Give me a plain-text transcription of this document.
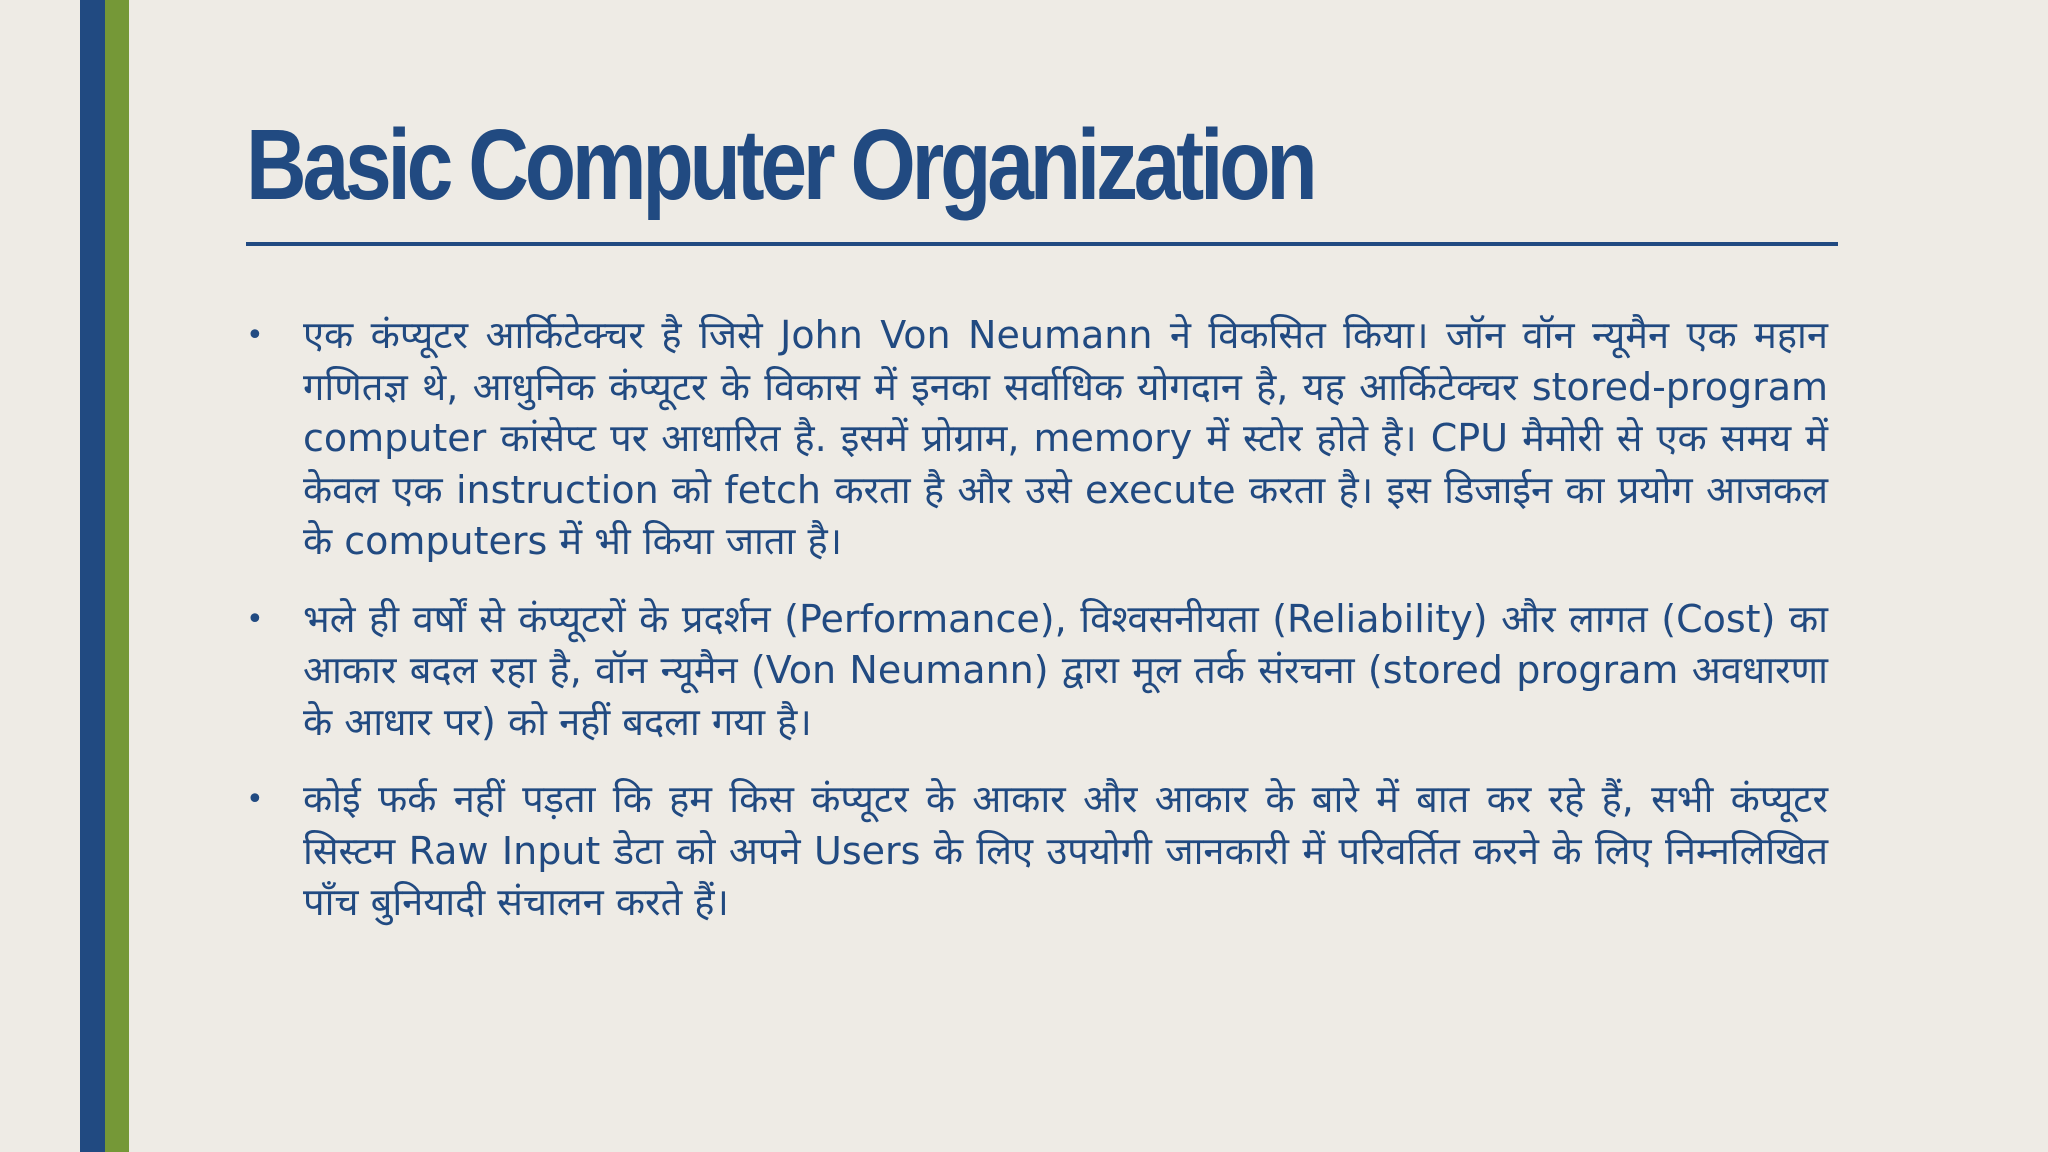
Basic Computer Organization
•	एक कंप्यूटर आर्किटेक्चर है जिसे John Von Neumann ने विकसित किया। जॉन वॉन न्यूमैन एक महान गणितज्ञ थे, आधुनिक कंप्यूटर के विकास में इनका सर्वाधिक योगदान है, यह आर्किटेक्चर stored-program computer कांसेप्ट पर आधारित है. इसमें प्रोग्राम, memory में स्टोर होते है। CPU मैमोरी से एक समय में केवल एक instruction को fetch करता है और उसे execute करता है। इस डिजाईन का प्रयोग आजकल के computers में भी किया जाता है।
•	भले ही वर्षों से कंप्यूटरों के प्रदर्शन (Performance), विश्वसनीयता (Reliability) और लागत (Cost) का आकार बदल रहा है, वॉन न्यूमैन (Von Neumann) द्वारा मूल तर्क संरचना (stored program अवधारणा के आधार पर) को नहीं बदला गया है।
•	कोई फर्क नहीं पड़ता कि हम किस कंप्यूटर के आकार और आकार के बारे में बात कर रहे हैं, सभी कंप्यूटर सिस्टम Raw Input डेटा को अपने Users के लिए उपयोगी जानकारी में परिवर्तित करने के लिए निम्नलिखित पाँच बुनियादी संचालन करते हैं।
